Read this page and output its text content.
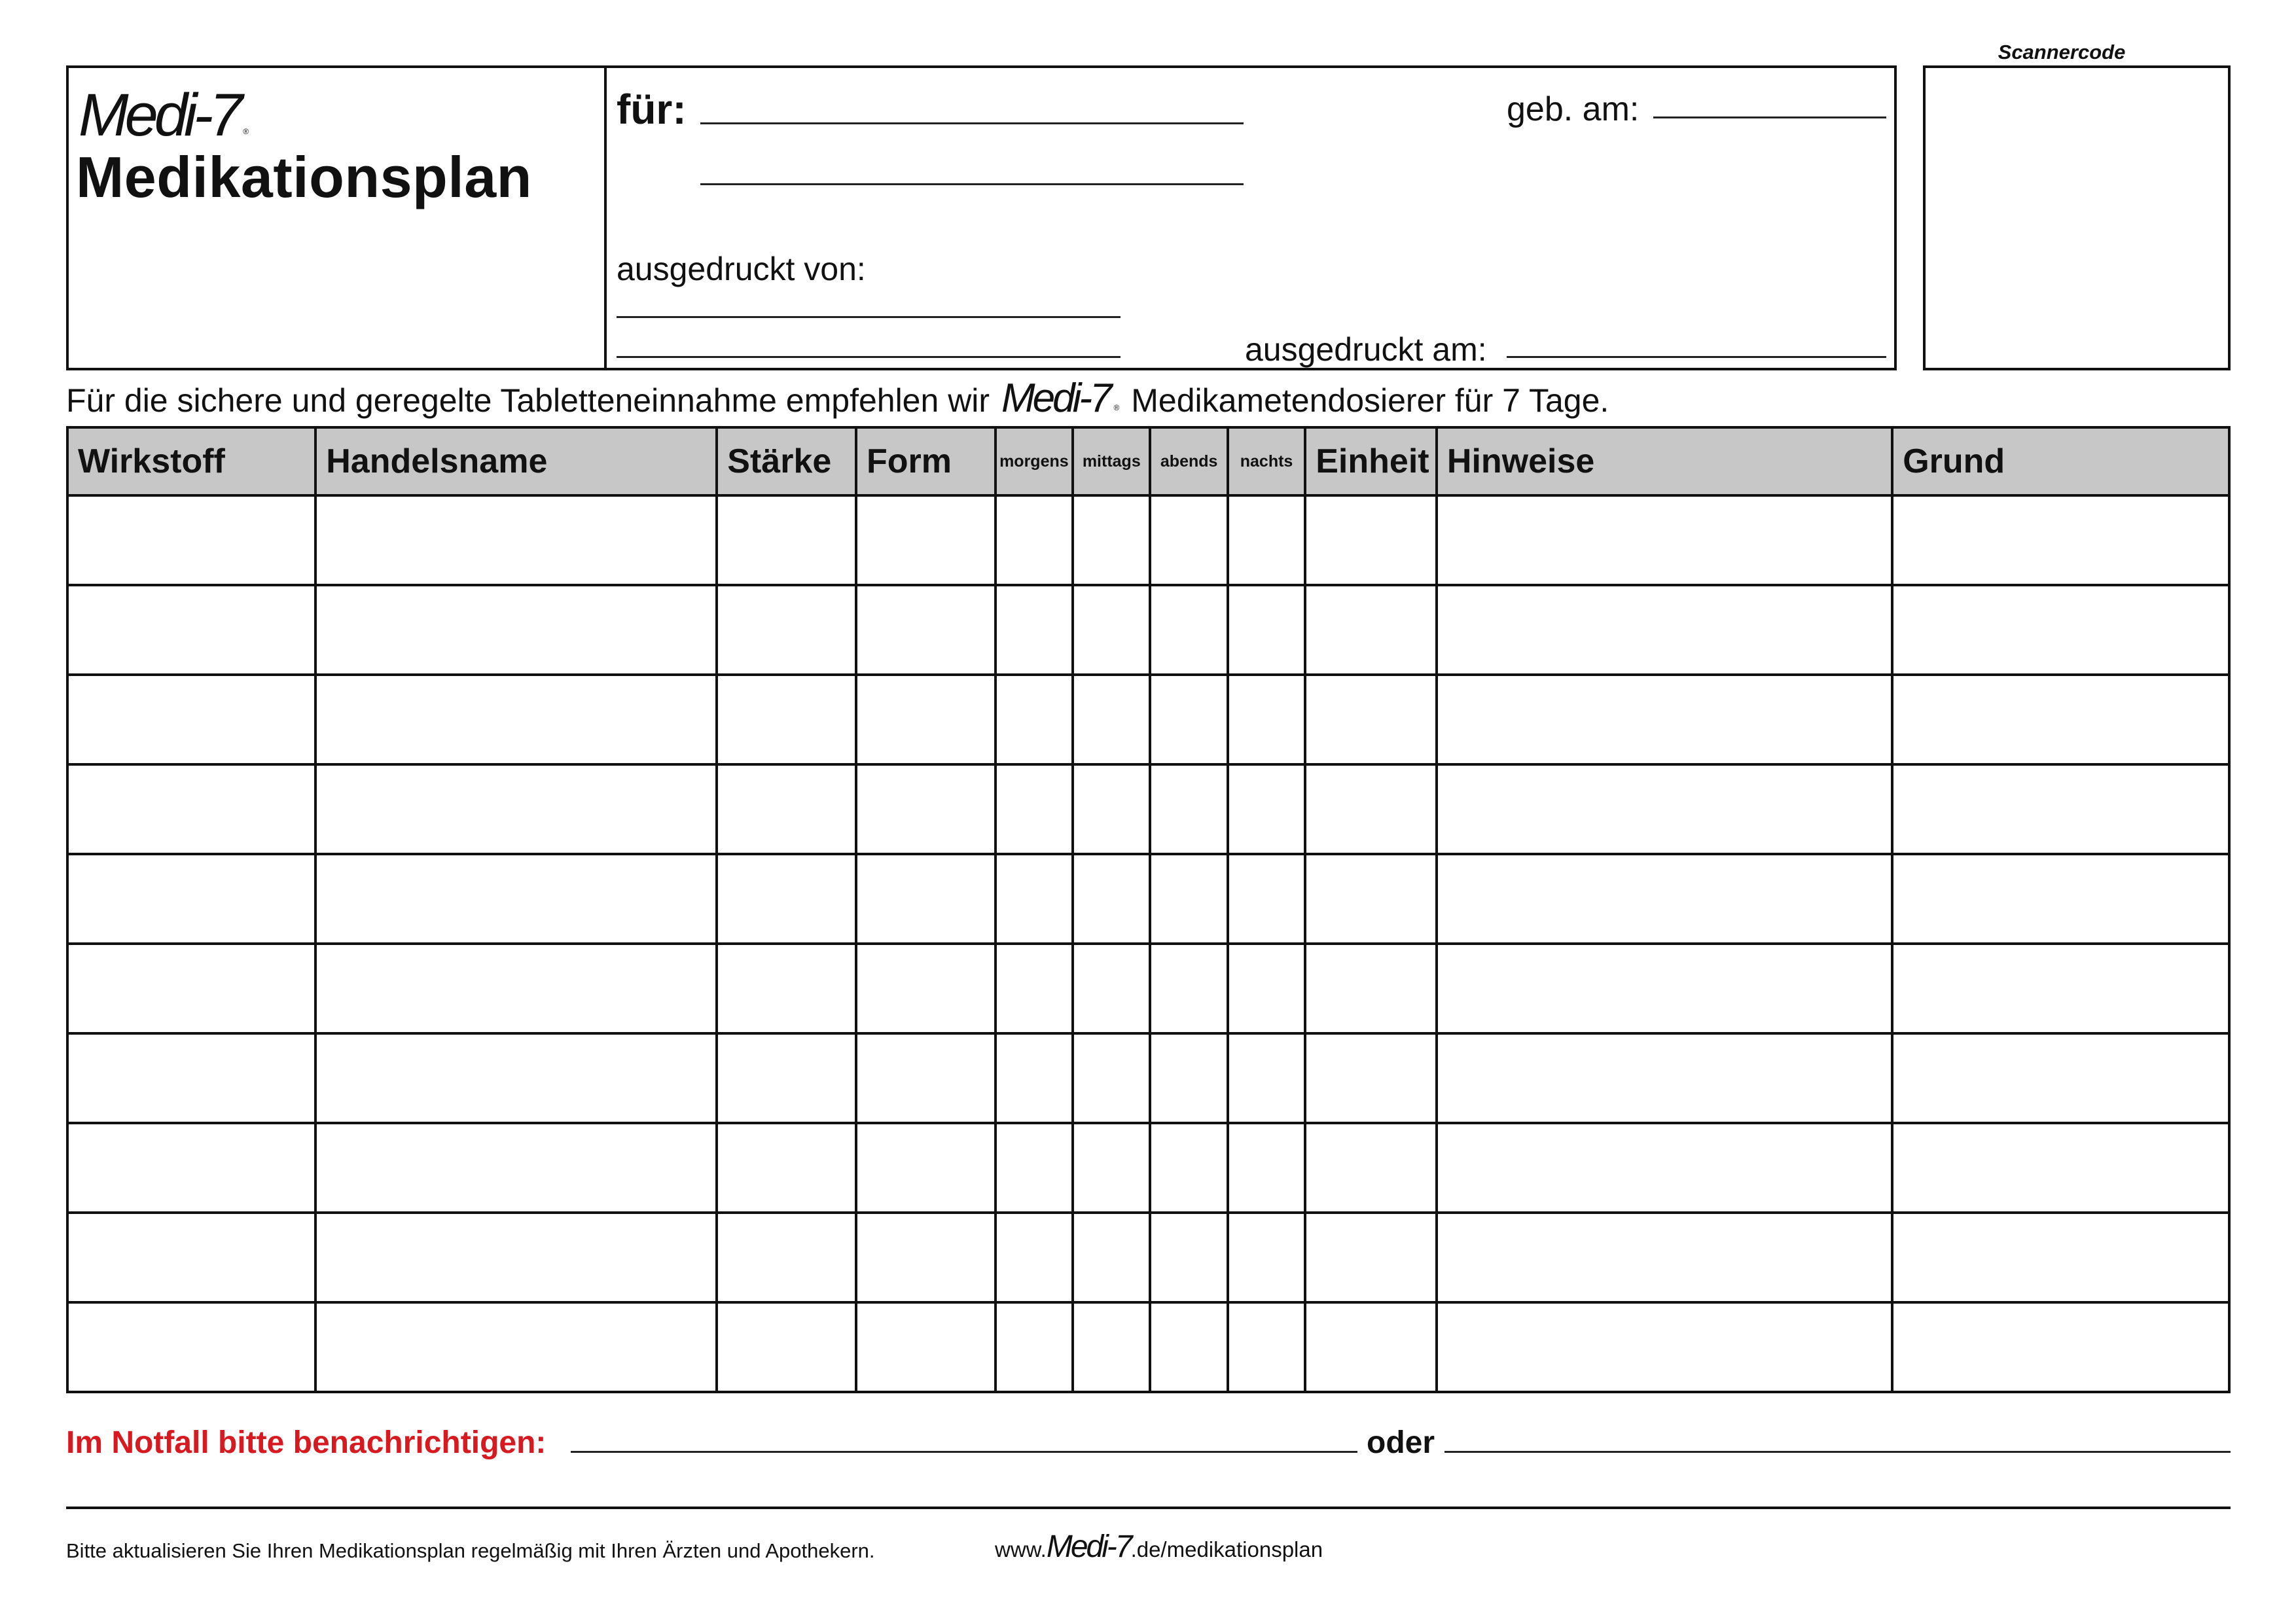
Medi-7 ®
Medikationsplan
für:	geb. am:
ausgedruckt von:
ausgedruckt am:
Scannercode
Für die sichere und geregelte Tabletteneinnahme empfehlen wir Medi-7 ® Medikametendosierer für 7 Tage.
Wirkstoff	Handelsname	Stärke	Form	morgens	mittags	abends	nachts	Einheit	Hinweise	Grund

Im Notfall bitte benachrichtigen:	oder
Bitte aktualisieren Sie Ihren Medikationsplan regelmäßig mit Ihren Ärzten und Apothekern.	www.Medi-7.de/medikationsplan
